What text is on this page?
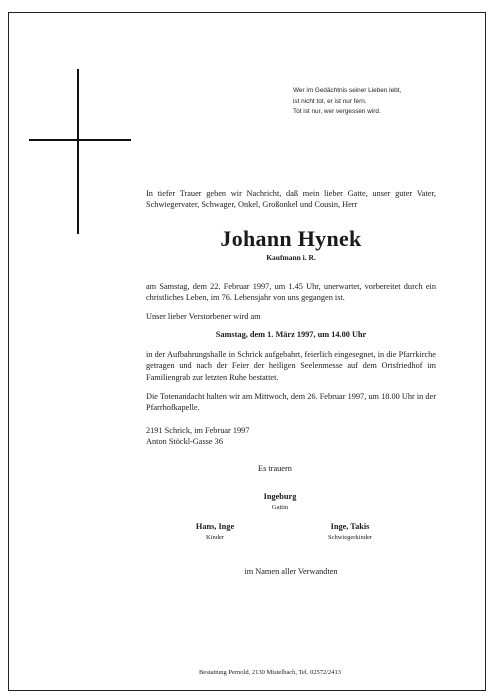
Wer im Gedächtnis seiner Lieben lebt,
ist nicht tot, er ist nur fern.
Tot ist nur, wer vergessen wird.
In tiefer Trauer geben wir Nachricht, daß mein lieber Gatte, unser guter Vater, Schwiegervater, Schwager, Onkel, Großonkel und Cousin, Herr
Johann Hynek
Kaufmann i. R.
am Samstag, dem 22. Februar 1997, um 1.45 Uhr, unerwartet, vorbereitet durch ein christliches Leben, im 76. Lebensjahr von uns gegangen ist.
Unser lieber Verstorbener wird am
Samstag, dem 1. März 1997, um 14.00 Uhr
in der Aufbahrungshalle in Schrick aufgebahrt, feierlich eingesegnet, in die Pfarrkirche getragen und nach der Feier der heiligen Seelenmesse auf dem Ortsfriedhof im Familiengrab zur letzten Ruhe bestattet.
Die Totenandacht halten wir am Mittwoch, dem 26. Februar 1997, um 18.00 Uhr in der Pfarrhofkapelle.
2191 Schrick, im Februar 1997
Anton Stöckl-Gasse 36
Es trauern
Ingeburg
Gattin
Hans, Inge
Kinder
Inge, Takis
Schwiegerkinder
im Namen aller Verwandten
Bestattung Pernold, 2130 Mistelbach, Tel. 02572/2413
